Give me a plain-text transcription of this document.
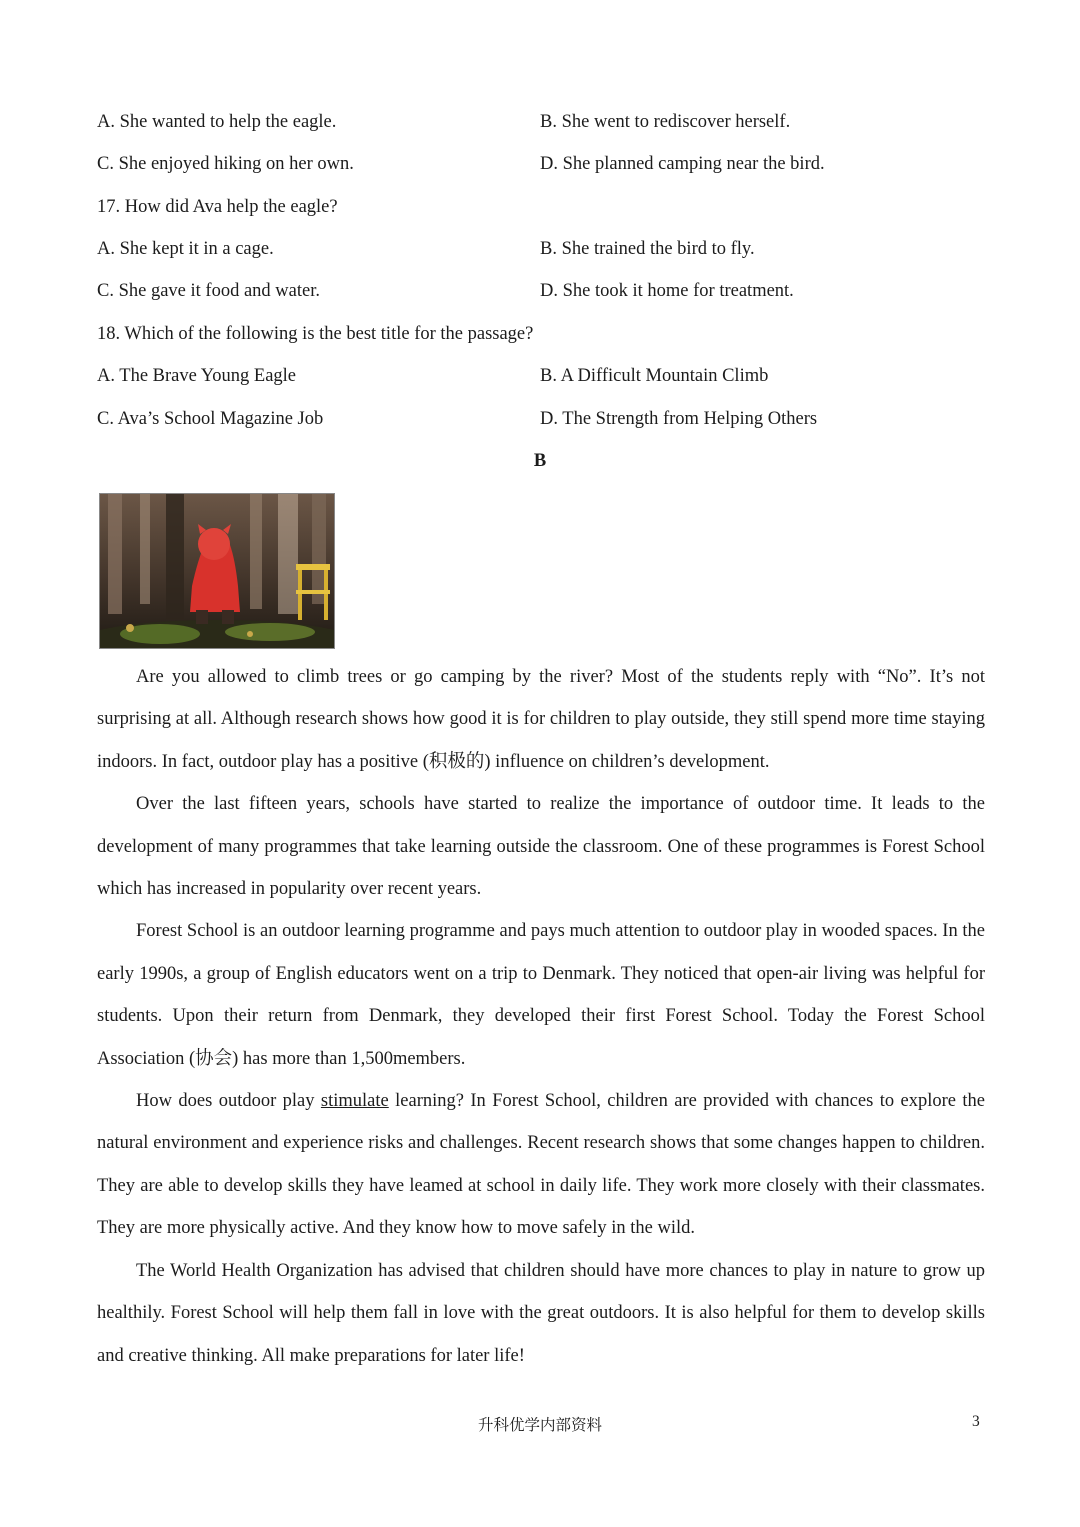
A. She wanted to help the eagle.	B. She went to rediscover herself.
C. She enjoyed hiking on her own.	D. She planned camping near the bird.
17. How did Ava help the eagle?
A. She kept it in a cage.	B. She trained the bird to fly.
C. She gave it food and water.	D. She took it home for treatment.
18. Which of the following is the best title for the passage?
A. The Brave Young Eagle	B. A Difficult Mountain Climb
C. Ava’s School Magazine Job	D. The Strength from Helping Others
B

Are you allowed to climb trees or go camping by the river? Most of the students reply with “No”. It’s not surprising at all. Although research shows how good it is for children to play outside, they still spend more time staying indoors. In fact, outdoor play has a positive (积极的) influence on children’s development.

Over the last fifteen years, schools have started to realize the importance of outdoor time. It leads to the development of many programmes that take learning outside the classroom. One of these programmes is Forest School which has increased in popularity over recent years.

Forest School is an outdoor learning programme and pays much attention to outdoor play in wooded spaces. In the early 1990s, a group of English educators went on a trip to Denmark. They noticed that open-air living was helpful for students. Upon their return from Denmark, they developed their first Forest School. Today the Forest School Association (协会) has more than 1,500members.

How does outdoor play stimulate learning? In Forest School, children are provided with chances to explore the natural environment and experience risks and challenges. Recent research shows that some changes happen to children. They are able to develop skills they have leamed at school in daily life. They work more closely with their classmates. They are more physically active. And they know how to move safely in the wild.

The World Health Organization has advised that children should have more chances to play in nature to grow up healthily. Forest School will help them fall in love with the great outdoors. It is also helpful for them to develop skills and creative thinking. All make preparations for later life!

升科优学内部资料	3
